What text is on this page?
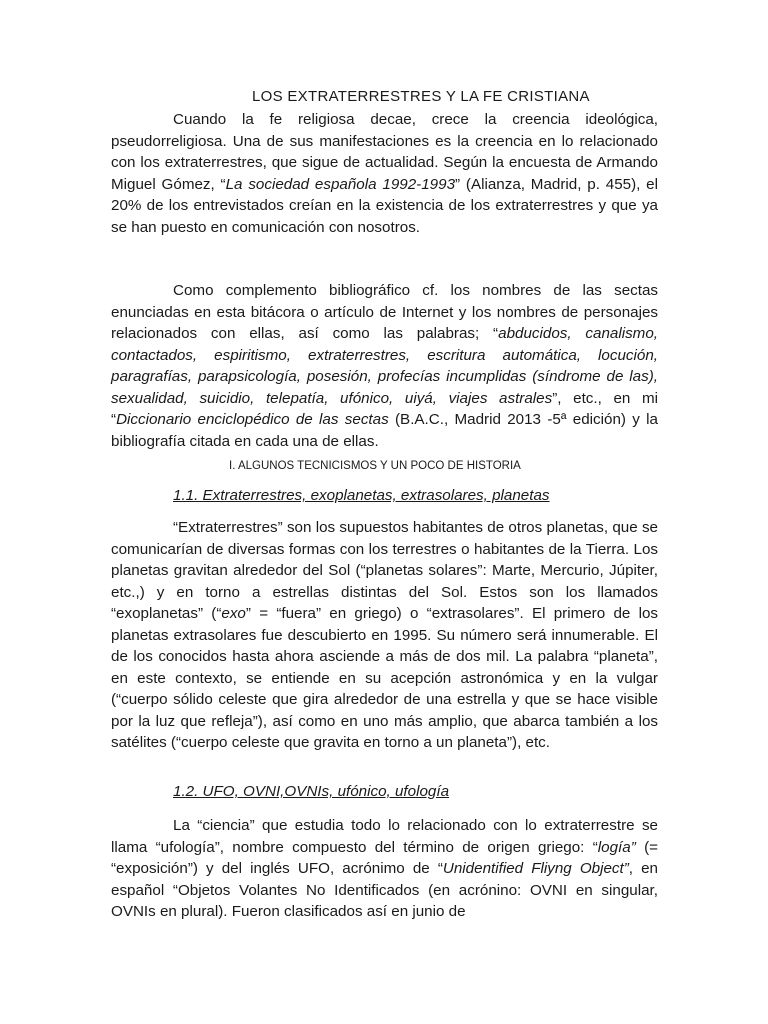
LOS EXTRATERRESTRES Y LA FE CRISTIANA

Cuando la fe religiosa decae, crece la creencia ideológica, pseudorreligiosa. Una de sus manifestaciones es la creencia en lo relacionado con los extraterrestres, que sigue de actualidad. Según la encuesta de Armando Miguel Gómez, “La sociedad española 1992-1993” (Alianza, Madrid, p. 455), el 20% de los entrevistados creían en la existencia de los extraterrestres y que ya se han puesto en comunicación con nosotros.

Como complemento bibliográfico cf. los nombres de las sectas enunciadas en esta bitácora o artículo de Internet y los nombres de personajes relacionados con ellas, así como las palabras; “abducidos, canalismo, contactados, espiritismo, extraterrestres, escritura automática, locución, paragrafías, parapsicología, posesión, profecías incumplidas (síndrome de las), sexualidad, suicidio, telepatía, ufónico, uiyá, viajes astrales”, etc., en mi “Diccionario enciclopédico de las sectas (B.A.C., Madrid 2013 -5ª edición) y la bibliografía citada en cada una de ellas.

I. ALGUNOS TECNICISMOS Y UN POCO DE HISTORIA
1.1. Extraterrestres, exoplanetas, extrasolares, planetas

“Extraterrestres” son los supuestos habitantes de otros planetas, que se comunicarían de diversas formas con los terrestres o habitantes de la Tierra. Los planetas gravitan alrededor del Sol (“planetas solares”: Marte, Mercurio, Júpiter, etc.,) y en torno a estrellas distintas del Sol. Estos son los llamados “exoplanetas” (“exo” = “fuera” en griego) o “extrasolares”. El primero de los planetas extrasolares fue descubierto en 1995. Su número será innumerable. El de los conocidos hasta ahora asciende a más de dos mil. La palabra “planeta”, en este contexto, se entiende en su acepción astronómica y en la vulgar (“cuerpo sólido celeste que gira alrededor de una estrella y que se hace visible por la luz que refleja”), así como en uno más amplio, que abarca también a los satélites (“cuerpo celeste que gravita en torno a un planeta”), etc.

1.2. UFO, OVNI,OVNIs, ufónico, ufología

La “ciencia” que estudia todo lo relacionado con lo extraterrestre se llama “ufología”, nombre compuesto del término de origen griego: “logía” (= “exposición”) y del inglés UFO, acrónimo de “Unidentified Fliyng Object”, en español “Objetos Volantes No Identificados (en acrónino: OVNI en singular, OVNIs en plural). Fueron clasificados así en junio de
